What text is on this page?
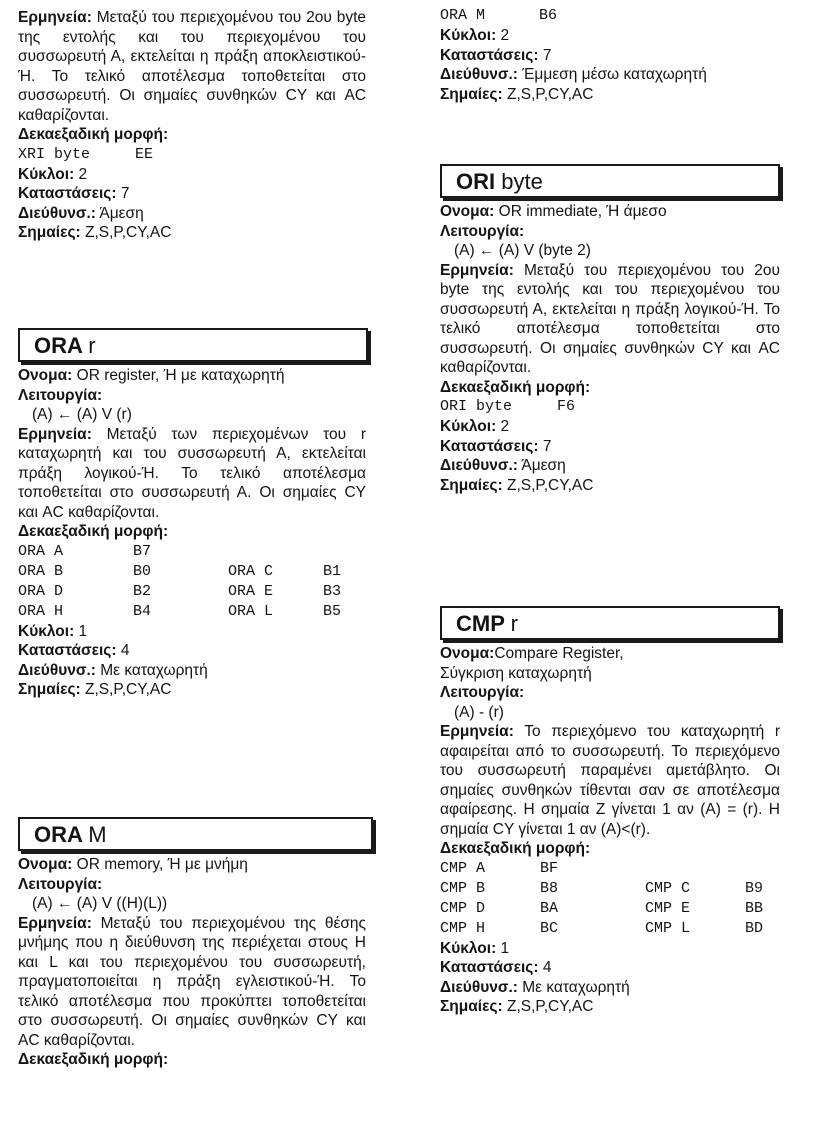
Ερμηνεία: Μεταξύ του περιεχομένου του 2ου byte της εντολής και του περιεχομένου του συσσωρευτή Α, εκτελείται η πράξη αποκλειστικού-Ή. Το τελικό αποτέλεσμα τοποθετείται στο συσσωρευτή. Οι σημαίες συνθηκών CY και AC καθαρίζονται.

Δεκαεξαδική μορφή:

XRI byte     EE

Κύκλοι: 2

Καταστάσεις: 7

Διεύθυνσ.: Άμεση

Σημαίες: Z,S,P,CY,AC

ORA r

Ονομα: OR register, Ή με καταχωρητή

Λειτουργία:

(A) ← (A) V (r)

Ερμηνεία: Μεταξύ των περιεχομένων του r καταχωρητή και του συσσωρευτή Α, εκτελείται πράξη λογικού-Ή. Το τελικό αποτέλεσμα τοποθετείται στο συσσωρευτή Α. Οι σημαίες CY και AC καθαρίζονται.

Δεκαεξαδική μορφή:

ORA A	B7
ORA B	B0	ORA C	B1
ORA D	B2	ORA E	B3
ORA H	B4	ORA L	B5

Κύκλοι: 1

Καταστάσεις: 4

Διεύθυνσ.: Με καταχωρητή

Σημαίες: Z,S,P,CY,AC

ORA M

Ονομα: OR memory, Ή με μνήμη

Λειτουργία:

(A) ← (A) V ((H)(L))

Ερμηνεία: Μεταξύ του περιεχομένου της θέσης μνήμης που η διεύθυνση της περιέχεται στους H και L και του περιεχομένου του συσσωρευτή, πραγματοποιείται η πράξη εγλειστικού-Ή. Το τελικό αποτέλεσμα που προκύπτει τοποθετείται στο συσσωρευτή. Οι σημαίες συνθηκών CY και AC καθαρίζονται.

Δεκαεξαδική μορφή:

ORA M      B6

Κύκλοι: 2

Καταστάσεις: 7

Διεύθυνσ.: Έμμεση μέσω καταχωρητή

Σημαίες: Z,S,P,CY,AC

ORI byte

Ονομα: OR immediate, Ή άμεσο

Λειτουργία:

(A) ← (A) V (byte 2)

Ερμηνεία: Μεταξύ του περιεχομένου του 2ου byte της εντολής και του περιεχομένου του συσσωρευτή Α, εκτελείται η πράξη λογικού-Ή. Το τελικό αποτέλεσμα τοποθετείται στο συσσωρευτή. Οι σημαίες συνθηκών CY και AC καθαρίζονται.

Δεκαεξαδική μορφή:

ORI byte     F6

Κύκλοι: 2

Καταστάσεις: 7

Διεύθυνσ.: Άμεση

Σημαίες: Z,S,P,CY,AC

CMP r

Ονομα:Compare Register,

Σύγκριση καταχωρητή

Λειτουργία:

(A) - (r)

Ερμηνεία: Το περιεχόμενο του καταχωρητή r αφαιρείται από το συσσωρευτή. Το περιεχόμενο του συσσωρευτή παραμένει αμετάβλητο. Οι σημαίες συνθηκών τίθενται σαν σε αποτέλεσμα αφαίρεσης. Η σημαία Z γίνεται 1 αν (A) = (r). Η σημαία CY γίνεται 1 αν (A)<(r).

Δεκαεξαδική μορφή:

CMP A	BF
CMP B	B8	CMP C	B9
CMP D	BA	CMP E	BB
CMP H	BC	CMP L	BD

Κύκλοι: 1

Καταστάσεις: 4

Διεύθυνσ.: Με καταχωρητή

Σημαίες: Z,S,P,CY,AC
